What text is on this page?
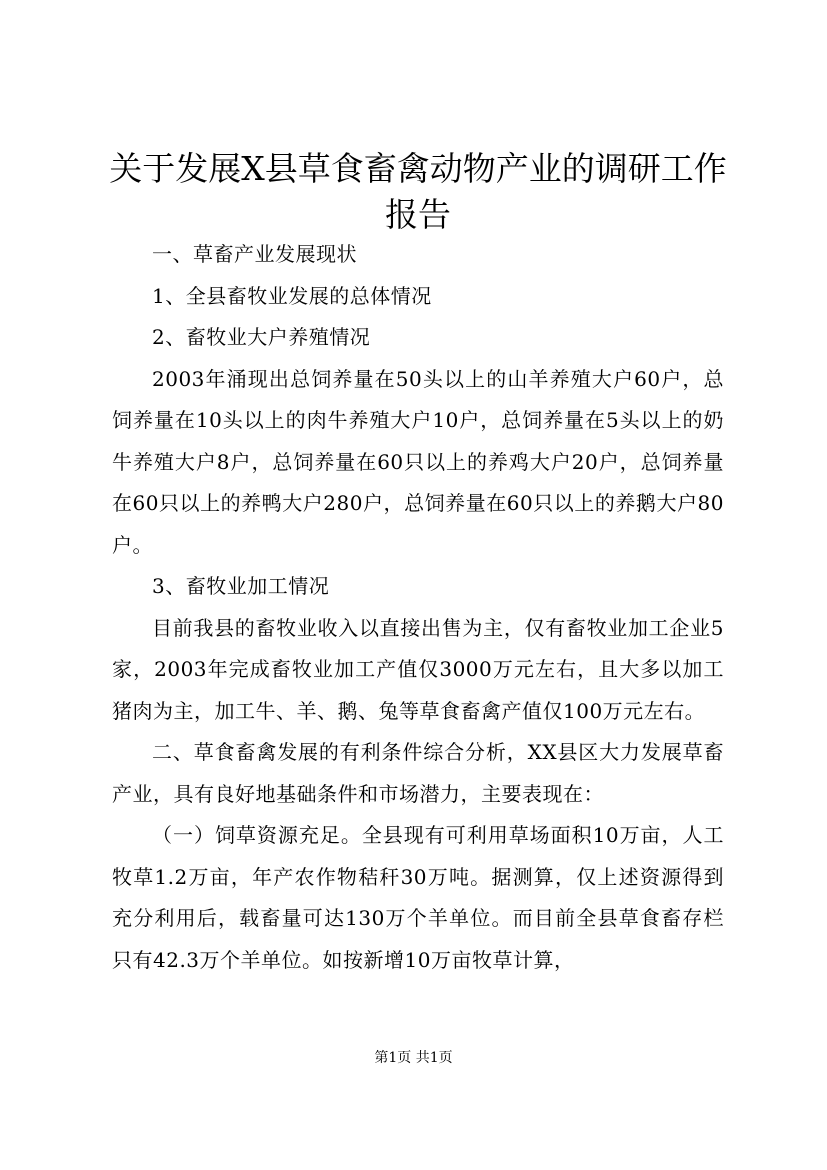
关于发展X县草食畜禽动物产业的调研工作报告

一、草畜产业发展现状

1、全县畜牧业发展的总体情况

2、畜牧业大户养殖情况

2003年涌现出总饲养量在50头以上的山羊养殖大户60户，总饲养量在10头以上的肉牛养殖大户10户，总饲养量在5头以上的奶牛养殖大户8户，总饲养量在60只以上的养鸡大户20户，总饲养量在60只以上的养鸭大户280户，总饲养量在60只以上的养鹅大户80户。

3、畜牧业加工情况

目前我县的畜牧业收入以直接出售为主，仅有畜牧业加工企业5家，2003年完成畜牧业加工产值仅3000万元左右，且大多以加工猪肉为主，加工牛、羊、鹅、兔等草食畜禽产值仅100万元左右。

二、草食畜禽发展的有利条件综合分析，XX县区大力发展草畜产业，具有良好地基础条件和市场潜力，主要表现在：

（一）饲草资源充足。全县现有可利用草场面积10万亩，人工牧草1.2万亩，年产农作物秸秆30万吨。据测算，仅上述资源得到充分利用后，载畜量可达130万个羊单位。而目前全县草食畜存栏只有42.3万个羊单位。如按新增10万亩牧草计算，

第1页 共1页
